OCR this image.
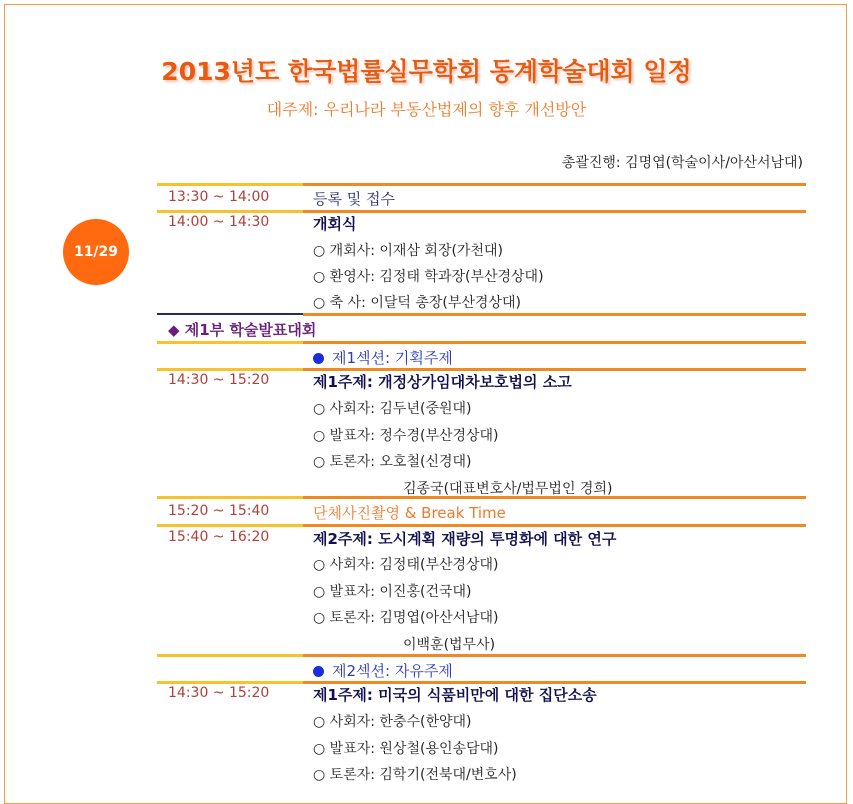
2013년도 한국법률실무학회 동계학술대회 일정
대주제: 우리나라 부동산법제의 향후 개선방안
총괄진행: 김명엽(학술이사/아산서남대)
11/29
13:30 ~ 14:00	등록 및 접수
14:00 ~ 14:30	개회식
○ 개회사: 이재삼 회장(가천대)
○ 환영사: 김정태 학과장(부산경상대)
○ 축 사: 이달덕 총장(부산경상대)
◆ 제1부 학술발표대회
제1섹션: 기획주제
14:30 ~ 15:20	제1주제: 개정상가임대차보호법의 소고
○ 사회자: 김두년(중원대)
○ 발표자: 정수경(부산경상대)
○ 토론자: 오호철(신경대)
김종국(대표변호사/법무법인 경희)
15:20 ~ 15:40	단체사진촬영 & Break Time
15:40 ~ 16:20	제2주제: 도시계획 재량의 투명화에 대한 연구
○ 사회자: 김정태(부산경상대)
○ 발표자: 이진홍(건국대)
○ 토론자: 김명엽(아산서남대)
이백훈(법무사)
제2섹션: 자유주제
14:30 ~ 15:20	제1주제: 미국의 식품비만에 대한 집단소송
○ 사회자: 한충수(한양대)
○ 발표자: 원상철(용인송담대)
○ 토론자: 김학기(전북대/변호사)
